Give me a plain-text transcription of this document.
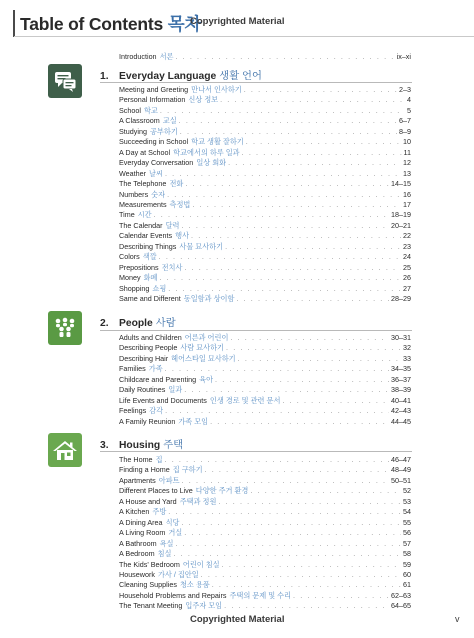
Table of Contents 목차
Copyrighted Material
Introduction 서론 . . .	ix–xi
1. Everyday Language 생활 언어
Meeting and Greeting 만나서 인사하기 . . .	2–3
Personal Information 신상 정보 . . .	4
School 학교 . . .	5
A Classroom 교실 . . .	6–7
Studying 공부하기 . . .	8–9
Succeeding in School 학교 생활 잘하기 . . .	10
A Day at School 학교에서의 하루 일과 . . .	11
Everyday Conversation 일상 회화 . . .	12
Weather 날씨 . . .	13
The Telephone 전화 . . .	14–15
Numbers 숫자 . . .	16
Measurements 측정법 . . .	17
Time 시간 . . .	18–19
The Calendar 달력 . . .	20–21
Calendar Events 행사 . . .	22
Describing Things 사물 묘사하기 . . .	23
Colors 색깔 . . .	24
Prepositions 전치사 . . .	25
Money 화폐 . . .	26
Shopping 쇼핑 . . .	27
Same and Different 동일함과 상이함 . . .	28–29
2. People 사람
Adults and Children 어른과 어린이 . . .	30–31
Describing People 사람 묘사하기 . . .	32
Describing Hair 헤어스타일 묘사하기 . . .	33
Families 가족 . . .	34–35
Childcare and Parenting 육아 . . .	36–37
Daily Routines 일과 . . .	38–39
Life Events and Documents 인생 경로 및 관련 문서 . . .	40–41
Feelings 감각 . . .	42–43
A Family Reunion 가족 모임 . . .	44–45
3. Housing 주택
The Home 집 . . .	46–47
Finding a Home 집 구하기 . . .	48–49
Apartments 아파트 . . .	50–51
Different Places to Live 다양한 주거 환경 . . .	52
A House and Yard 주택과 정원 . . .	53
A Kitchen 주방 . . .	54
A Dining Area 식당 . . .	55
A Living Room 거실 . . .	56
A Bathroom 욕실 . . .	57
A Bedroom 침실 . . .	58
The Kids' Bedroom 어린이 침실 . . .	59
Housework 가사 / 집안일 . . .	60
Cleaning Supplies 청소 용품 . . .	61
Household Problems and Repairs 주택의 문제 및 수리 . . .	62–63
The Tenant Meeting 입주자 모임 . . .	64–65
Copyrighted Material	v
